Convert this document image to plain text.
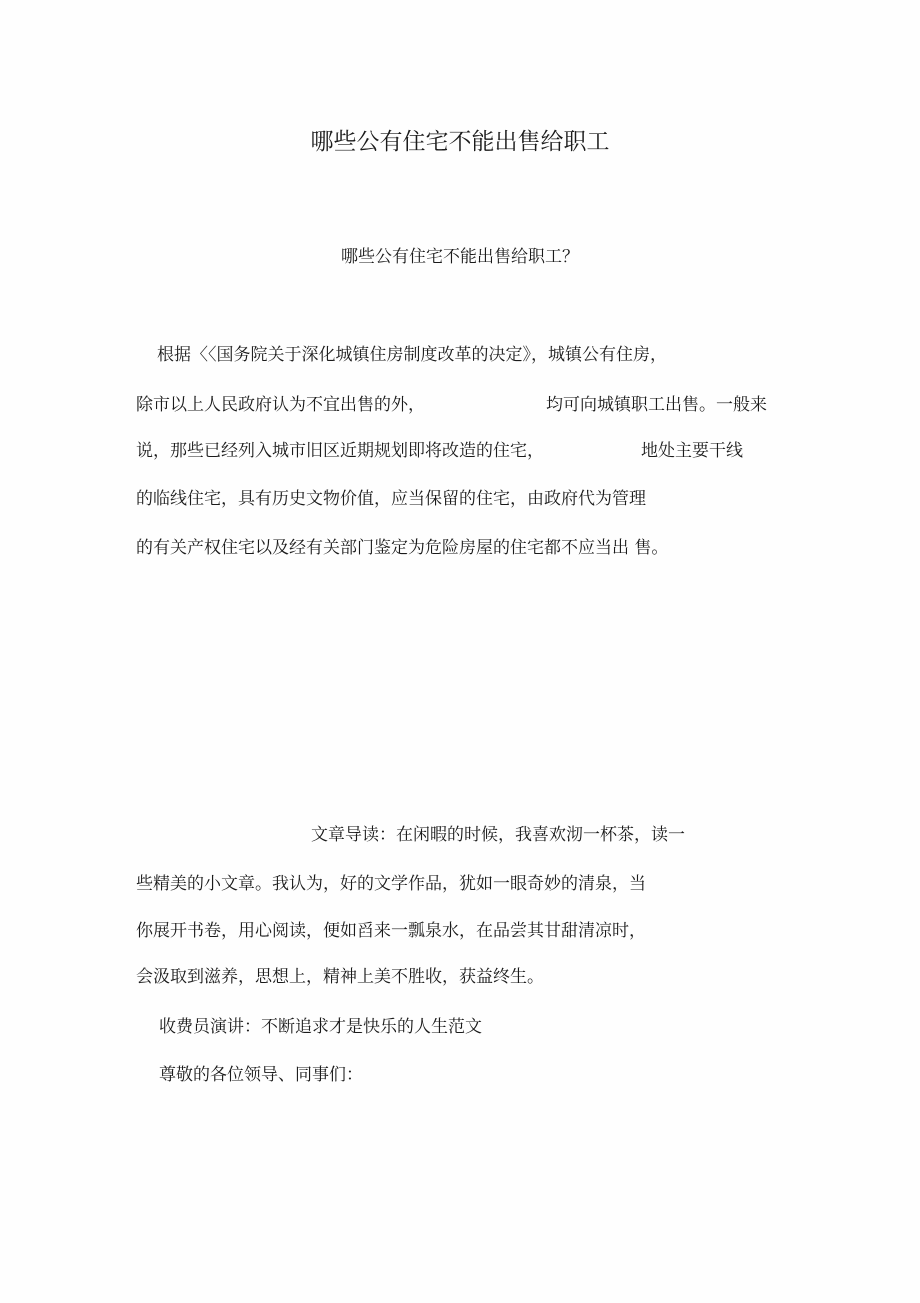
哪些公有住宅不能出售给职工
哪些公有住宅不能出售给职工？
根据〈〈国务院关于深化城镇住房制度改革的决定》，城镇公有住房，
除市以上人民政府认为不宜出售的外，	均可向城镇职工出售。一般来
说，那些已经列入城市旧区近期规划即将改造的住宅，	地处主要干线
的临线住宅，具有历史文物价值，应当保留的住宅，由政府代为管理
的有关产权住宅以及经有关部门鉴定为危险房屋的住宅都不应当出 售。
文章导读：在闲暇的时候，我喜欢沏一杯茶，读一
些精美的小文章。我认为，好的文学作品，犹如一眼奇妙的清泉，当
你展开书卷，用心阅读，便如舀来一瓢泉水，在品尝其甘甜清凉时，
会汲取到滋养，思想上，精神上美不胜收，获益终生。
收费员演讲：不断追求才是快乐的人生范文
尊敬的各位领导、同事们：
